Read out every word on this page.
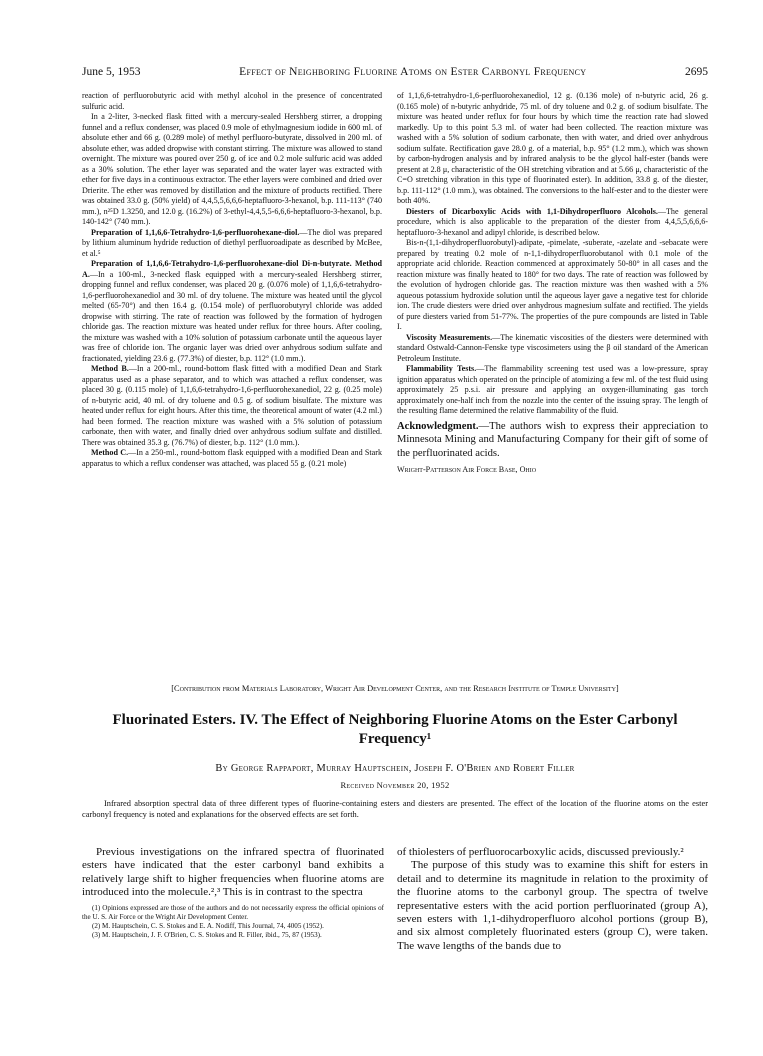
June 5, 1953	Effect of Neighboring Fluorine Atoms on Ester Carbonyl Frequency	2695

reaction of perfluorobutyric acid with methyl alcohol in the presence of concentrated sulfuric acid.

In a 2-liter, 3-necked flask fitted with a mercury-sealed Hershberg stirrer, a dropping funnel and a reflux condenser, was placed 0.9 mole of ethylmagnesium iodide in 600 ml. of absolute ether and 66 g. (0.289 mole) of methyl perfluoro-butyrate, dissolved in 200 ml. of absolute ether, was added dropwise with constant stirring. The mixture was allowed to stand overnight. The mixture was poured over 250 g. of ice and 0.2 mole sulfuric acid was added as a 30% solution. The ether layer was separated and the water layer was extracted with ether for five days in a continuous extractor. The ether layers were combined and dried over Drierite. The ether was removed by distillation and the mixture of products rectified. There was obtained 33.0 g. (50% yield) of 4,4,5,5,6,6,6-heptafluoro-3-hexanol, b.p. 111-113° (740 mm.), n²⁵D 1.3250, and 12.0 g. (16.2%) of 3-ethyl-4,4,5,5-6,6,6-heptafluoro-3-hexanol, b.p. 140-142° (740 mm.).

Preparation of 1,1,6,6-Tetrahydro-1,6-perfluorohexane-diol.—The diol was prepared by lithium aluminum hydride reduction of diethyl perfluoroadipate as described by McBee, et al.⁵

Preparation of 1,1,6,6-Tetrahydro-1,6-perfluorohexane-diol Di-n-butyrate. Method A.—In a 100-ml., 3-necked flask equipped with a mercury-sealed Hershberg stirrer, dropping funnel and reflux condenser, was placed 20 g. (0.076 mole) of 1,1,6,6-tetrahydro-1,6-perfluorohexanediol and 30 ml. of dry toluene. The mixture was heated until the glycol melted (65-70°) and then 16.4 g. (0.154 mole) of perfluorobutyryl chloride was added dropwise with stirring. The rate of reaction was followed by the formation of hydrogen chloride gas. The reaction mixture was heated under reflux for three hours. After cooling, the mixture was washed with a 10% solution of potassium carbonate until the aqueous layer was free of chloride ion. The organic layer was dried over anhydrous sodium sulfate and fractionated, yielding 23.6 g. (77.3%) of diester, b.p. 112° (1.0 mm.).

Method B.—In a 200-ml., round-bottom flask fitted with a modified Dean and Stark apparatus used as a phase separator, and to which was attached a reflux condenser, was placed 30 g. (0.115 mole) of 1,1,6,6-tetrahydro-1,6-perfluorohexanediol, 22 g. (0.25 mole) of n-butyric acid, 40 ml. of dry toluene and 0.5 g. of sodium bisulfate. The mixture was heated under reflux for eight hours. After this time, the theoretical amount of water (4.2 ml.) had been formed. The reaction mixture was washed with a 5% solution of potassium carbonate, then with water, and finally dried over anhydrous sodium sulfate and distilled. There was obtained 35.3 g. (76.7%) of diester, b.p. 112° (1.0 mm.).

Method C.—In a 250-ml., round-bottom flask equipped with a modified Dean and Stark apparatus to which a reflux condenser was attached, was placed 55 g. (0.21 mole)

of 1,1,6,6-tetrahydro-1,6-perfluorohexanediol, 12 g. (0.136 mole) of n-butyric acid, 26 g. (0.165 mole) of n-butyric anhydride, 75 ml. of dry toluene and 0.2 g. of sodium bisulfate. The mixture was heated under reflux for four hours by which time the reaction rate had slowed markedly. Up to this point 5.3 ml. of water had been collected. The reaction mixture was washed with a 5% solution of sodium carbonate, then with water, and dried over anhydrous sodium sulfate. Rectification gave 28.0 g. of a material, b.p. 95° (1.2 mm.), which was shown by carbon-hydrogen analysis and by infrared analysis to be the glycol half-ester (bands were present at 2.8 μ, characteristic of the OH stretching vibration and at 5.66 μ, characteristic of the C=O stretching vibration in this type of fluorinated ester). In addition, 33.8 g. of the diester, b.p. 111-112° (1.0 mm.), was obtained. The conversions to the half-ester and to the diester were both 40%.

Diesters of Dicarboxylic Acids with 1,1-Dihydroperfluoro Alcohols.—The general procedure, which is also applicable to the preparation of the diester from 4,4,5,5,6,6,6-heptafluoro-3-hexanol and adipyl chloride, is described below.

Bis-n-(1,1-dihydroperfluorobutyl)-adipate, -pimelate, -suberate, -azelate and -sebacate were prepared by treating 0.2 mole of n-1,1-dihydroperfluorobutanol with 0.1 mole of the appropriate acid chloride. Reaction commenced at approximately 50-80° in all cases and the reaction mixture was finally heated to 180° for two days. The rate of reaction was followed by the evolution of hydrogen chloride gas. The reaction mixture was then washed with a 5% aqueous potassium hydroxide solution until the aqueous layer gave a negative test for chloride ion. The crude diesters were dried over anhydrous magnesium sulfate and rectified. The yields of pure diesters varied from 51-77%. The properties of the pure compounds are listed in Table I.

Viscosity Measurements.—The kinematic viscosities of the diesters were determined with standard Ostwald-Cannon-Fenske type viscosimeters using the β oil standard of the American Petroleum Institute.

Flammability Tests.—The flammability screening test used was a low-pressure, spray ignition apparatus which operated on the principle of atomizing a few ml. of the test fluid using approximately 25 p.s.i. air pressure and applying an oxygen-illuminating gas torch approximately one-half inch from the nozzle into the center of the issuing spray. The length of the resulting flame determined the relative flammability of the fluid.

Acknowledgment.—The authors wish to express their appreciation to Minnesota Mining and Manufacturing Company for their gift of some of the perfluorinated acids.

Wright-Patterson Air Force Base, Ohio

[Contribution from Materials Laboratory, Wright Air Development Center, and the Research Institute of Temple University]
Fluorinated Esters. IV. The Effect of Neighboring Fluorine Atoms on the Ester Carbonyl Frequency¹
By George Rappaport, Murray Hauptschein, Joseph F. O'Brien and Robert Filler
Received November 20, 1952
Infrared absorption spectral data of three different types of fluorine-containing esters and diesters are presented. The effect of the location of the fluorine atoms on the ester carbonyl frequency is noted and explanations for the observed effects are set forth.

Previous investigations on the infrared spectra of fluorinated esters have indicated that the ester carbonyl band exhibits a relatively large shift to higher frequencies when fluorine atoms are introduced into the molecule.²,³ This is in contrast to the spectra

(1) Opinions expressed are those of the authors and do not necessarily express the official opinions of the U. S. Air Force or the Wright Air Development Center.
(2) M. Hauptschein, C. S. Stokes and E. A. Nodiff, This Journal, 74, 4005 (1952).
(3) M. Hauptschein, J. F. O'Brien, C. S. Stokes and R. Filler, ibid., 75, 87 (1953).

of thiolesters of perfluorocarboxylic acids, discussed previously.²

The purpose of this study was to examine this shift for esters in detail and to determine its magnitude in relation to the proximity of the fluorine atoms to the carbonyl group. The spectra of twelve representative esters with the acid portion perfluorinated (group A), seven esters with 1,1-dihydroperfluoro alcohol portions (group B), and six almost completely fluorinated esters (group C), were taken. The wave lengths of the bands due to
